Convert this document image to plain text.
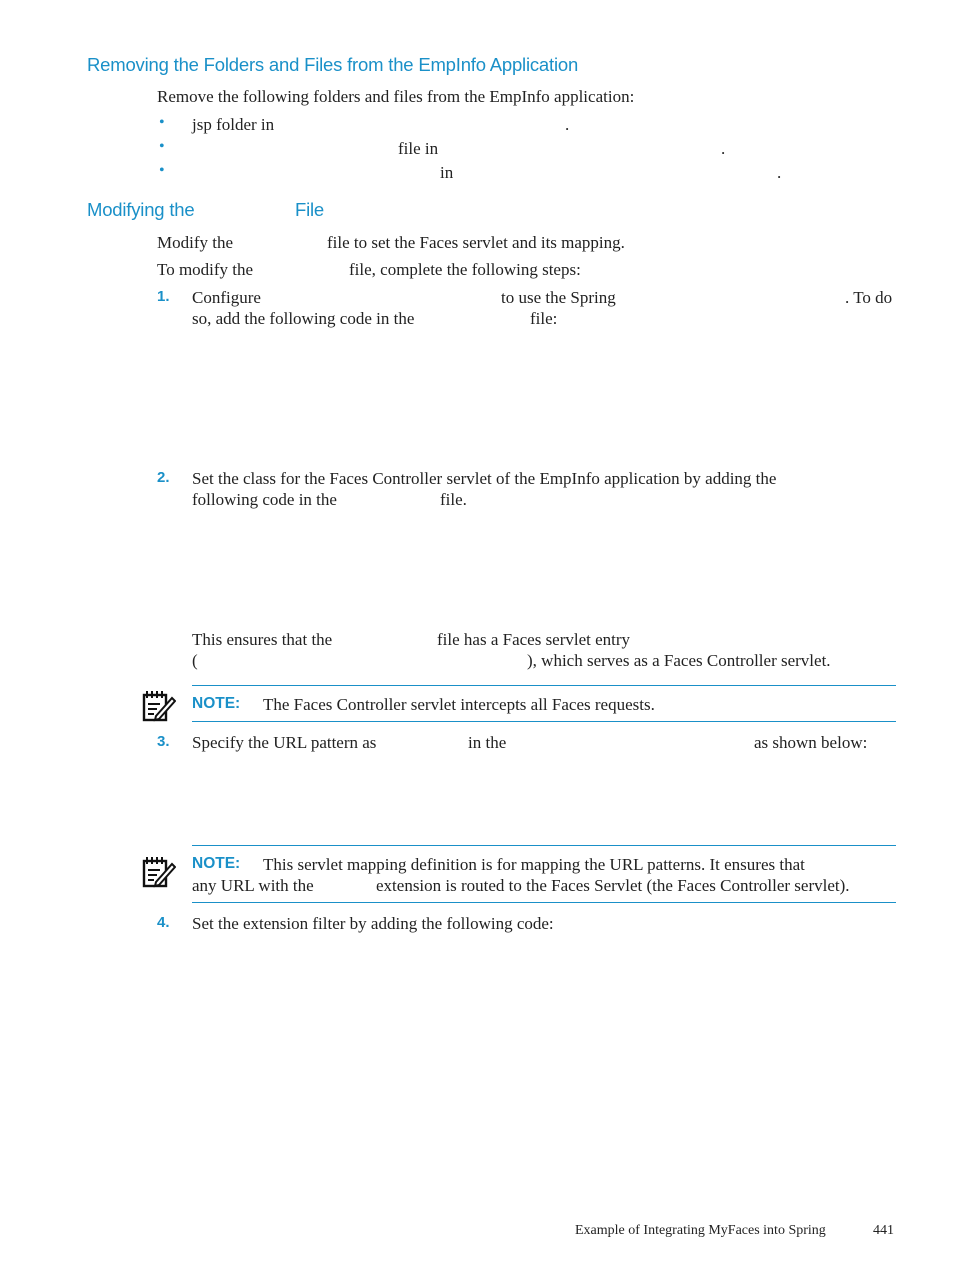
Removing the Folders and Files from the EmpInfo Application
Remove the following folders and files from the EmpInfo application:
• jsp folder in	.
•	file in	.
•	in	.
Modifying the	File
Modify the	file to set the Faces servlet and its mapping.
To modify the	file, complete the following steps:
1. Configure	to use the Spring	. To do
so, add the following code in the	file:
2. Set the class for the Faces Controller servlet of the EmpInfo application by adding the
following code in the	file.
This ensures that the	file has a Faces servlet entry
(	), which serves as a Faces Controller servlet.
NOTE: The Faces Controller servlet intercepts all Faces requests.
3. Specify the URL pattern as	in the	as shown below:
NOTE: This servlet mapping definition is for mapping the URL patterns. It ensures that
any URL with the	extension is routed to the Faces Servlet (the Faces Controller servlet).
4. Set the extension filter by adding the following code:
Example of Integrating MyFaces into Spring	441
